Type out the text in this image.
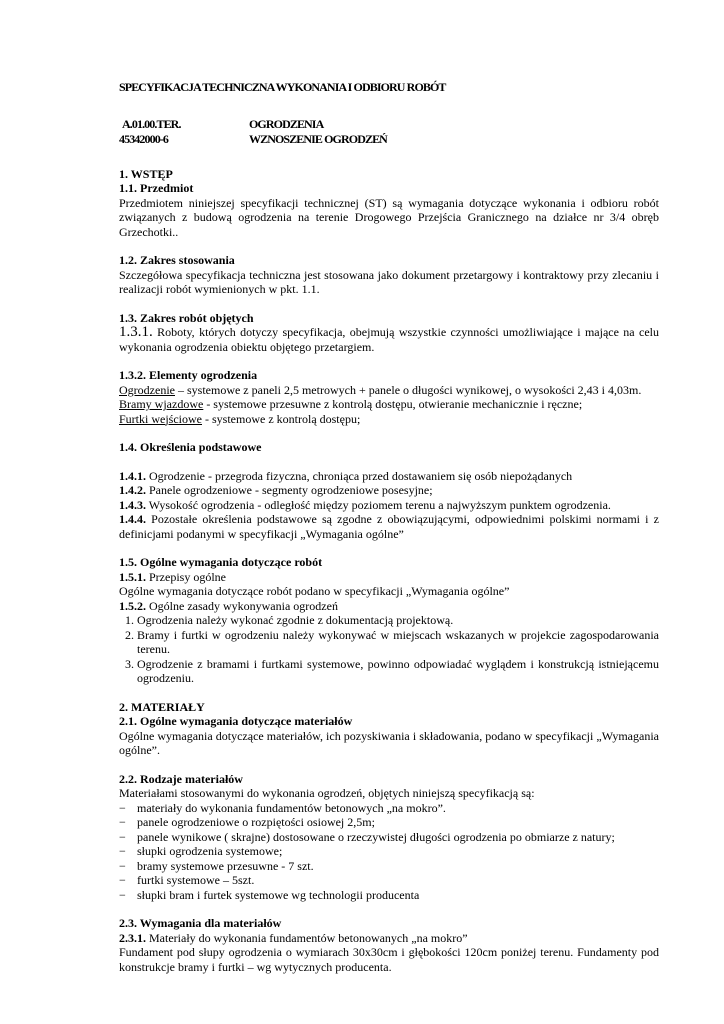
SPECYFIKACJA TECHNICZNA WYKONANIA I ODBIORU ROBÓT
A.01.00.TER.	OGRODZENIA
45342000-6	WZNOSZENIE OGRODZEŃ
1. WSTĘP
1.1. Przedmiot
Przedmiotem niniejszej specyfikacji technicznej (ST) są wymagania dotyczące wykonania i odbioru robót związanych z budową ogrodzenia na terenie Drogowego Przejścia Granicznego na działce nr 3/4 obręb Grzechotki..
1.2. Zakres stosowania
Szczegółowa specyfikacja techniczna jest stosowana jako dokument przetargowy i kontraktowy przy zlecaniu i realizacji robót wymienionych w pkt. 1.1.
1.3. Zakres robót objętych
1.3.1. Roboty, których dotyczy specyfikacja, obejmują wszystkie czynności umożliwiające i mające na celu wykonania ogrodzenia obiektu objętego przetargiem.
1.3.2. Elementy ogrodzenia
Ogrodzenie – systemowe z paneli 2,5 metrowych + panele o długości wynikowej, o wysokości 2,43 i 4,03m.
Bramy wjazdowe - systemowe przesuwne z kontrolą dostępu, otwieranie mechanicznie i ręczne;
Furtki wejściowe - systemowe z kontrolą dostępu;
1.4. Określenia podstawowe
1.4.1. Ogrodzenie - przegroda fizyczna, chroniąca przed dostawaniem się osób niepożądanych
1.4.2. Panele ogrodzeniowe - segmenty ogrodzeniowe posesyjne;
1.4.3. Wysokość ogrodzenia - odległość między poziomem terenu a najwyższym punktem ogrodzenia.
1.4.4. Pozostałe określenia podstawowe są zgodne z obowiązującymi, odpowiednimi polskimi normami i z definicjami podanymi w specyfikacji „Wymagania ogólne”
1.5. Ogólne wymagania dotyczące robót
1.5.1. Przepisy ogólne
Ogólne wymagania dotyczące robót podano w specyfikacji „Wymagania ogólne”
1.5.2. Ogólne zasady wykonywania ogrodzeń
1. Ogrodzenia należy wykonać zgodnie z dokumentacją projektową.
2. Bramy i furtki w ogrodzeniu należy wykonywać w miejscach wskazanych w projekcie zagospodarowania terenu.
3. Ogrodzenie z bramami i furtkami systemowe, powinno odpowiadać wyglądem i konstrukcją istniejącemu ogrodzeniu.
2. MATERIAŁY
2.1. Ogólne wymagania dotyczące materiałów
Ogólne wymagania dotyczące materiałów, ich pozyskiwania i składowania, podano w specyfikacji „Wymagania ogólne”.
2.2. Rodzaje materiałów
Materiałami stosowanymi do wykonania ogrodzeń, objętych niniejszą specyfikacją są:
− materiały do wykonania fundamentów betonowych „na mokro”.
− panele ogrodzeniowe o rozpiętości osiowej 2,5m;
− panele wynikowe ( skrajne) dostosowane o rzeczywistej długości ogrodzenia po obmiarze z natury;
− słupki ogrodzenia systemowe;
− bramy systemowe przesuwne - 7 szt.
− furtki systemowe – 5szt.
− słupki bram i furtek systemowe wg technologii producenta
2.3. Wymagania dla materiałów
2.3.1. Materiały do wykonania fundamentów betonowanych „na mokro”
Fundament pod słupy ogrodzenia o wymiarach 30x30cm i głębokości 120cm poniżej terenu. Fundamenty pod konstrukcje bramy i furtki – wg wytycznych producenta.
